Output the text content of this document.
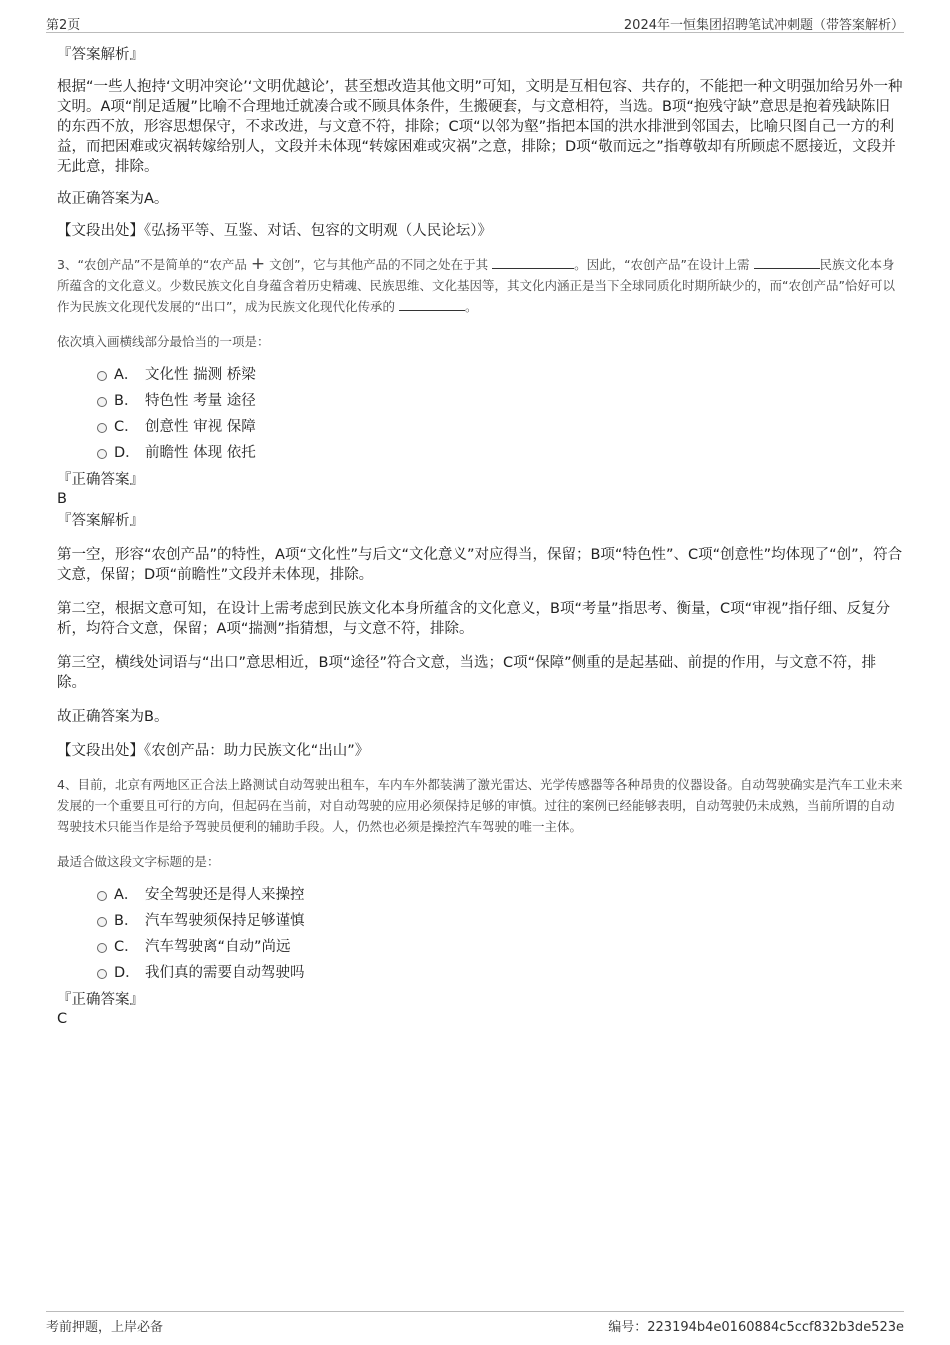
第2页	2024年一恒集团招聘笔试冲刺题（带答案解析）
『答案解析』

根据“一些人抱持‘文明冲突论’‘文明优越论’，甚至想改造其他文明”可知，文明是互相包容、共存的，不能把一种文明强加给另外一种文明。A项“削足适履”比喻不合理地迁就凑合或不顾具体条件，生搬硬套，与文意相符，当选。B项“抱残守缺”意思是抱着残缺陈旧的东西不放，形容思想保守，不求改进，与文意不符，排除；C项“以邻为壑”指把本国的洪水排泄到邻国去，比喻只图自己一方的利益，而把困难或灾祸转嫁给别人，文段并未体现“转嫁困难或灾祸”之意，排除；D项“敬而远之”指尊敬却有所顾虑不愿接近，文段并无此意，排除。

故正确答案为A。

【文段出处】《弘扬平等、互鉴、对话、包容的文明观（人民论坛）》

3、“农创产品”不是简单的“农产品 + 文创”，它与其他产品的不同之处在于其	。因此，“农创产品”在设计上需	民族文化本身所蕴含的文化意义。少数民族文化自身蕴含着历史精魂、民族思维、文化基因等，其文化内涵正是当下全球同质化时期所缺少的，而“农创产品”恰好可以作为民族文化现代发展的“出口”，成为民族文化现代化传承的	。

依次填入画横线部分最恰当的一项是：

A． 文化性 揣测 桥梁
B． 特色性 考量 途径
C． 创意性 审视 保障
D． 前瞻性 体现 依托
『正确答案』
B
『答案解析』

第一空，形容“农创产品”的特性，A项“文化性”与后文“文化意义”对应得当，保留；B项“特色性”、C项“创意性”均体现了“创”，符合文意，保留；D项“前瞻性”文段并未体现，排除。

第二空，根据文意可知，在设计上需考虑到民族文化本身所蕴含的文化意义，B项“考量”指思考、衡量，C项“审视”指仔细、反复分析，均符合文意，保留；A项“揣测”指猜想，与文意不符，排除。

第三空，横线处词语与“出口”意思相近，B项“途径”符合文意，当选；C项“保障”侧重的是起基础、前提的作用，与文意不符，排除。

故正确答案为B。

【文段出处】《农创产品：助力民族文化“出山”》

4、目前，北京有两地区正合法上路测试自动驾驶出租车，车内车外都装满了激光雷达、光学传感器等各种昂贵的仪器设备。自动驾驶确实是汽车工业未来发展的一个重要且可行的方向，但起码在当前，对自动驾驶的应用必须保持足够的审慎。过往的案例已经能够表明，自动驾驶仍未成熟，当前所谓的自动驾驶技术只能当作是给予驾驶员便利的辅助手段。人，仍然也必须是操控汽车驾驶的唯一主体。

最适合做这段文字标题的是：

A． 安全驾驶还是得人来操控
B． 汽车驾驶须保持足够谨慎
C． 汽车驾驶离“自动”尚远
D． 我们真的需要自动驾驶吗
『正确答案』
C
考前押题，上岸必备	编号：223194b4e0160884c5ccf832b3de523e
